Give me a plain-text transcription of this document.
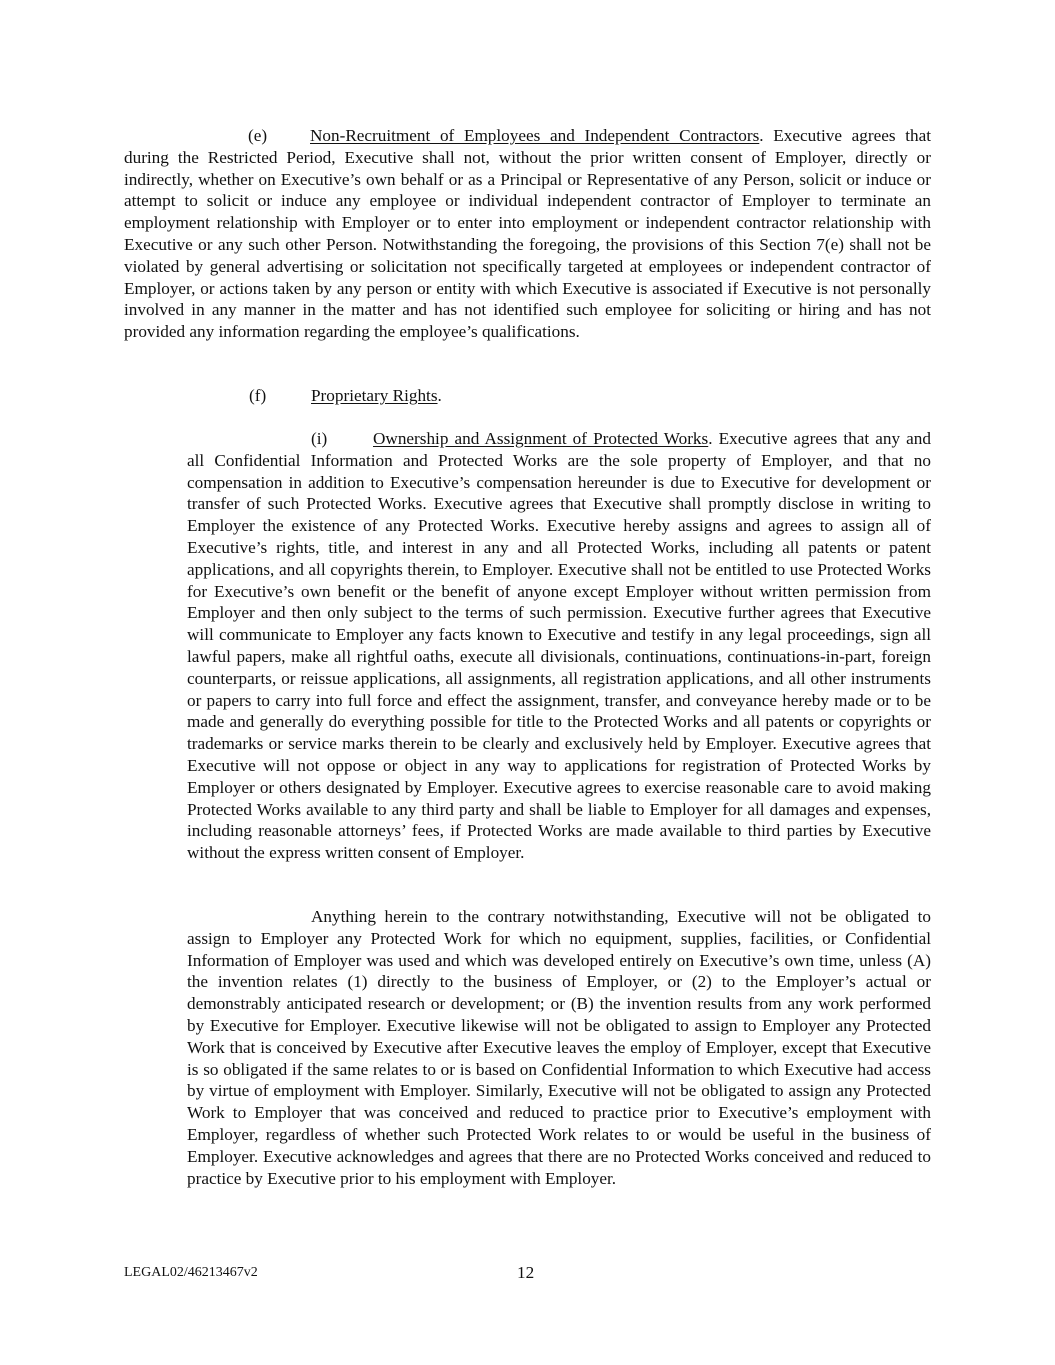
(e) Non-Recruitment of Employees and Independent Contractors. Executive agrees that during the Restricted Period, Executive shall not, without the prior written consent of Employer, directly or indirectly, whether on Executive’s own behalf or as a Principal or Representative of any Person, solicit or induce or attempt to solicit or induce any employee or individual independent contractor of Employer to terminate an employment relationship with Employer or to enter into employment or independent contractor relationship with Executive or any such other Person. Notwithstanding the foregoing, the provisions of this Section 7(e) shall not be violated by general advertising or solicitation not specifically targeted at employees or independent contractor of Employer, or actions taken by any person or entity with which Executive is associated if Executive is not personally involved in any manner in the matter and has not identified such employee for soliciting or hiring and has not provided any information regarding the employee’s qualifications.

(f)	Proprietary Rights.

(i)	Ownership and Assignment of Protected Works. Executive agrees that any and all Confidential Information and Protected Works are the sole property of Employer, and that no compensation in addition to Executive’s compensation hereunder is due to Executive for development or transfer of such Protected Works. Executive agrees that Executive shall promptly disclose in writing to Employer the existence of any Protected Works. Executive hereby assigns and agrees to assign all of Executive’s rights, title, and interest in any and all Protected Works, including all patents or patent applications, and all copyrights therein, to Employer. Executive shall not be entitled to use Protected Works for Executive’s own benefit or the benefit of anyone except Employer without written permission from Employer and then only subject to the terms of such permission. Executive further agrees that Executive will communicate to Employer any facts known to Executive and testify in any legal proceedings, sign all lawful papers, make all rightful oaths, execute all divisionals, continuations, continuations-in-part, foreign counterparts, or reissue applications, all assignments, all registration applications, and all other instruments or papers to carry into full force and effect the assignment, transfer, and conveyance hereby made or to be made and generally do everything possible for title to the Protected Works and all patents or copyrights or trademarks or service marks therein to be clearly and exclusively held by Employer. Executive agrees that Executive will not oppose or object in any way to applications for registration of Protected Works by Employer or others designated by Employer. Executive agrees to exercise reasonable care to avoid making Protected Works available to any third party and shall be liable to Employer for all damages and expenses, including reasonable attorneys’ fees, if Protected Works are made available to third parties by Executive without the express written consent of Employer.

Anything herein to the contrary notwithstanding, Executive will not be obligated to assign to Employer any Protected Work for which no equipment, supplies, facilities, or Confidential Information of Employer was used and which was developed entirely on Executive’s own time, unless (A) the invention relates (1) directly to the business of Employer, or (2) to the Employer’s actual or demonstrably anticipated research or development; or (B) the invention results from any work performed by Executive for Employer. Executive likewise will not be obligated to assign to Employer any Protected Work that is conceived by Executive after Executive leaves the employ of Employer, except that Executive is so obligated if the same relates to or is based on Confidential Information to which Executive had access by virtue of employment with Employer. Similarly, Executive will not be obligated to assign any Protected Work to Employer that was conceived and reduced to practice prior to Executive’s employment with Employer, regardless of whether such Protected Work relates to or would be useful in the business of Employer. Executive acknowledges and agrees that there are no Protected Works conceived and reduced to practice by Executive prior to his employment with Employer.

LEGAL02/46213467v2	12
